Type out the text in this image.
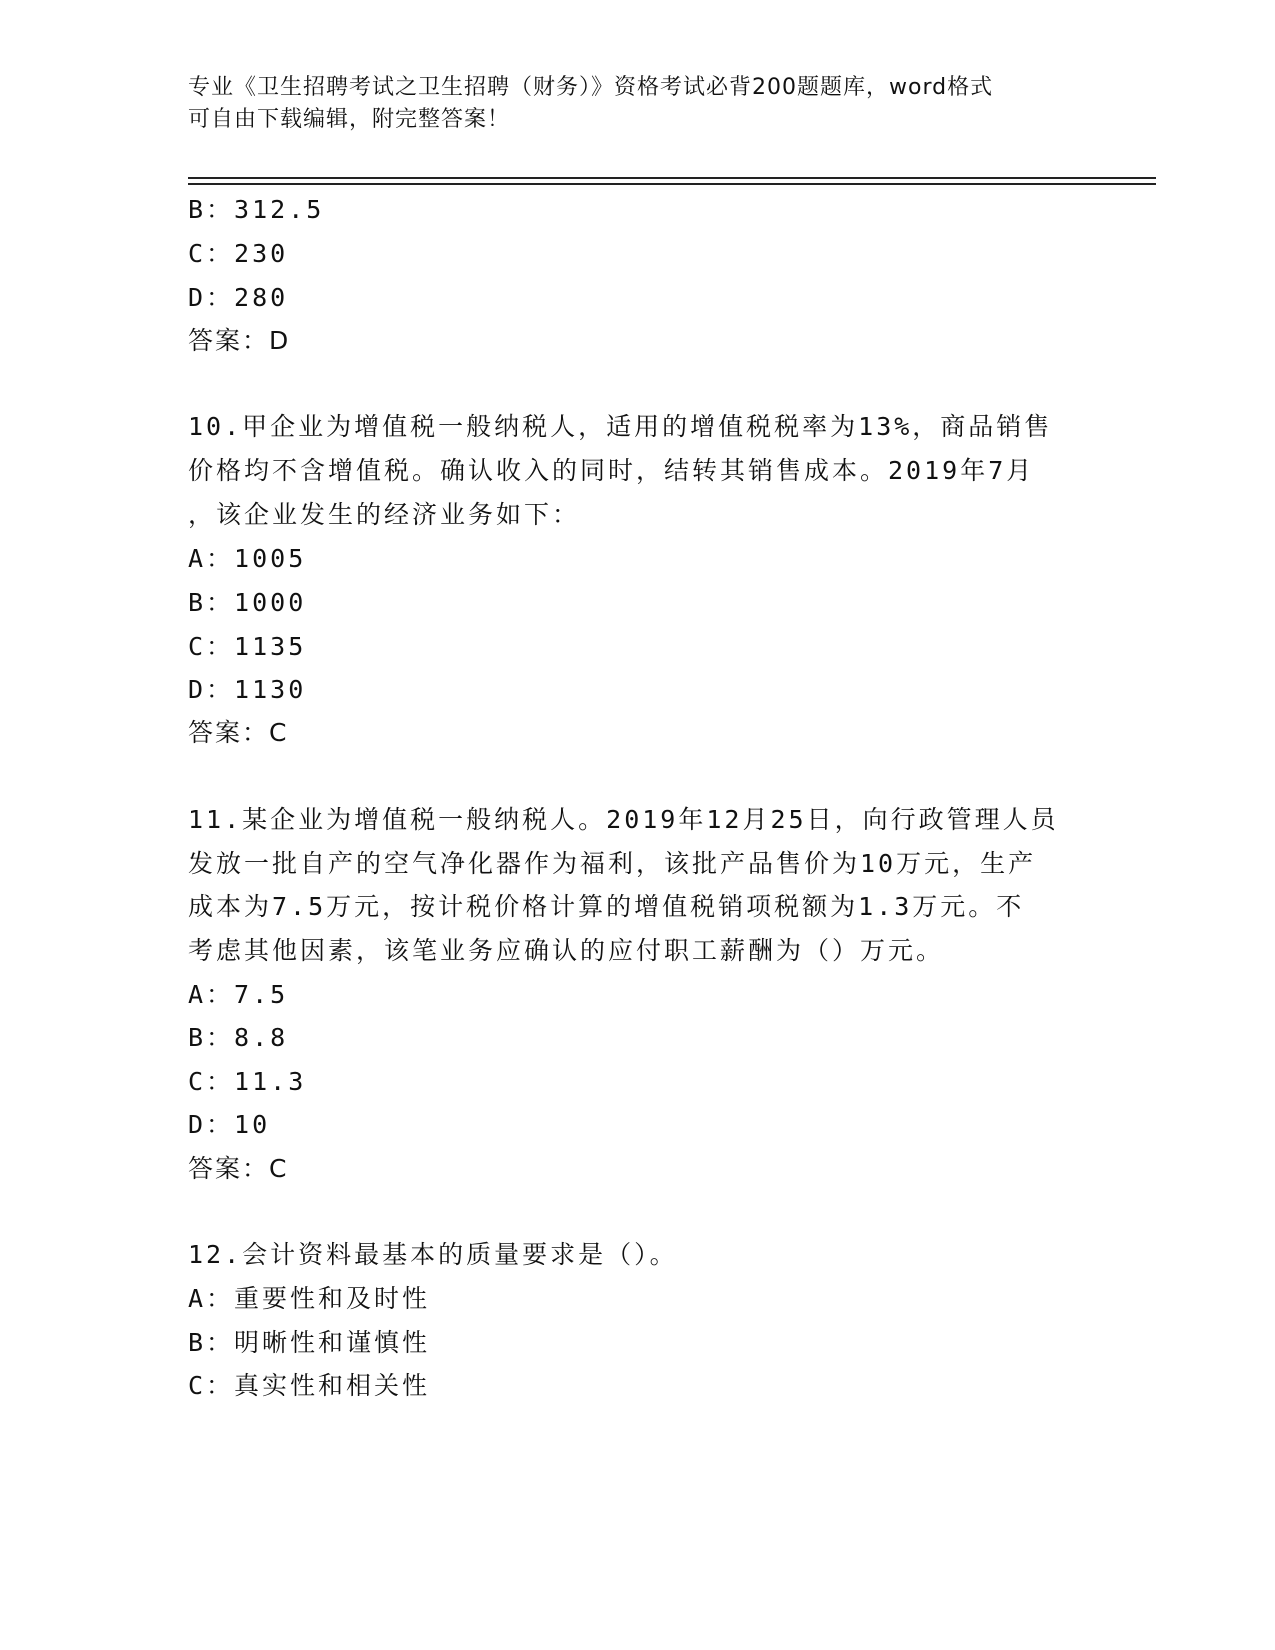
专业《卫生招聘考试之卫生招聘（财务）》资格考试必背200题题库，word格式
可自由下载编辑，附完整答案！
B：312.5
C：230
D：280
答案：D
10.甲企业为增值税一般纳税人，适用的增值税税率为13%，商品销售
价格均不含增值税。确认收入的同时，结转其销售成本。2019年7月
，该企业发生的经济业务如下：
A：1005
B：1000
C：1135
D：1130
答案：C
11.某企业为增值税一般纳税人。2019年12月25日，向行政管理人员
发放一批自产的空气净化器作为福利，该批产品售价为10万元，生产
成本为7.5万元，按计税价格计算的增值税销项税额为1.3万元。不
考虑其他因素，该笔业务应确认的应付职工薪酬为（）万元。
A：7.5
B：8.8
C：11.3
D：10
答案：C
12.会计资料最基本的质量要求是（）。
A：重要性和及时性
B：明晰性和谨慎性
C：真实性和相关性
